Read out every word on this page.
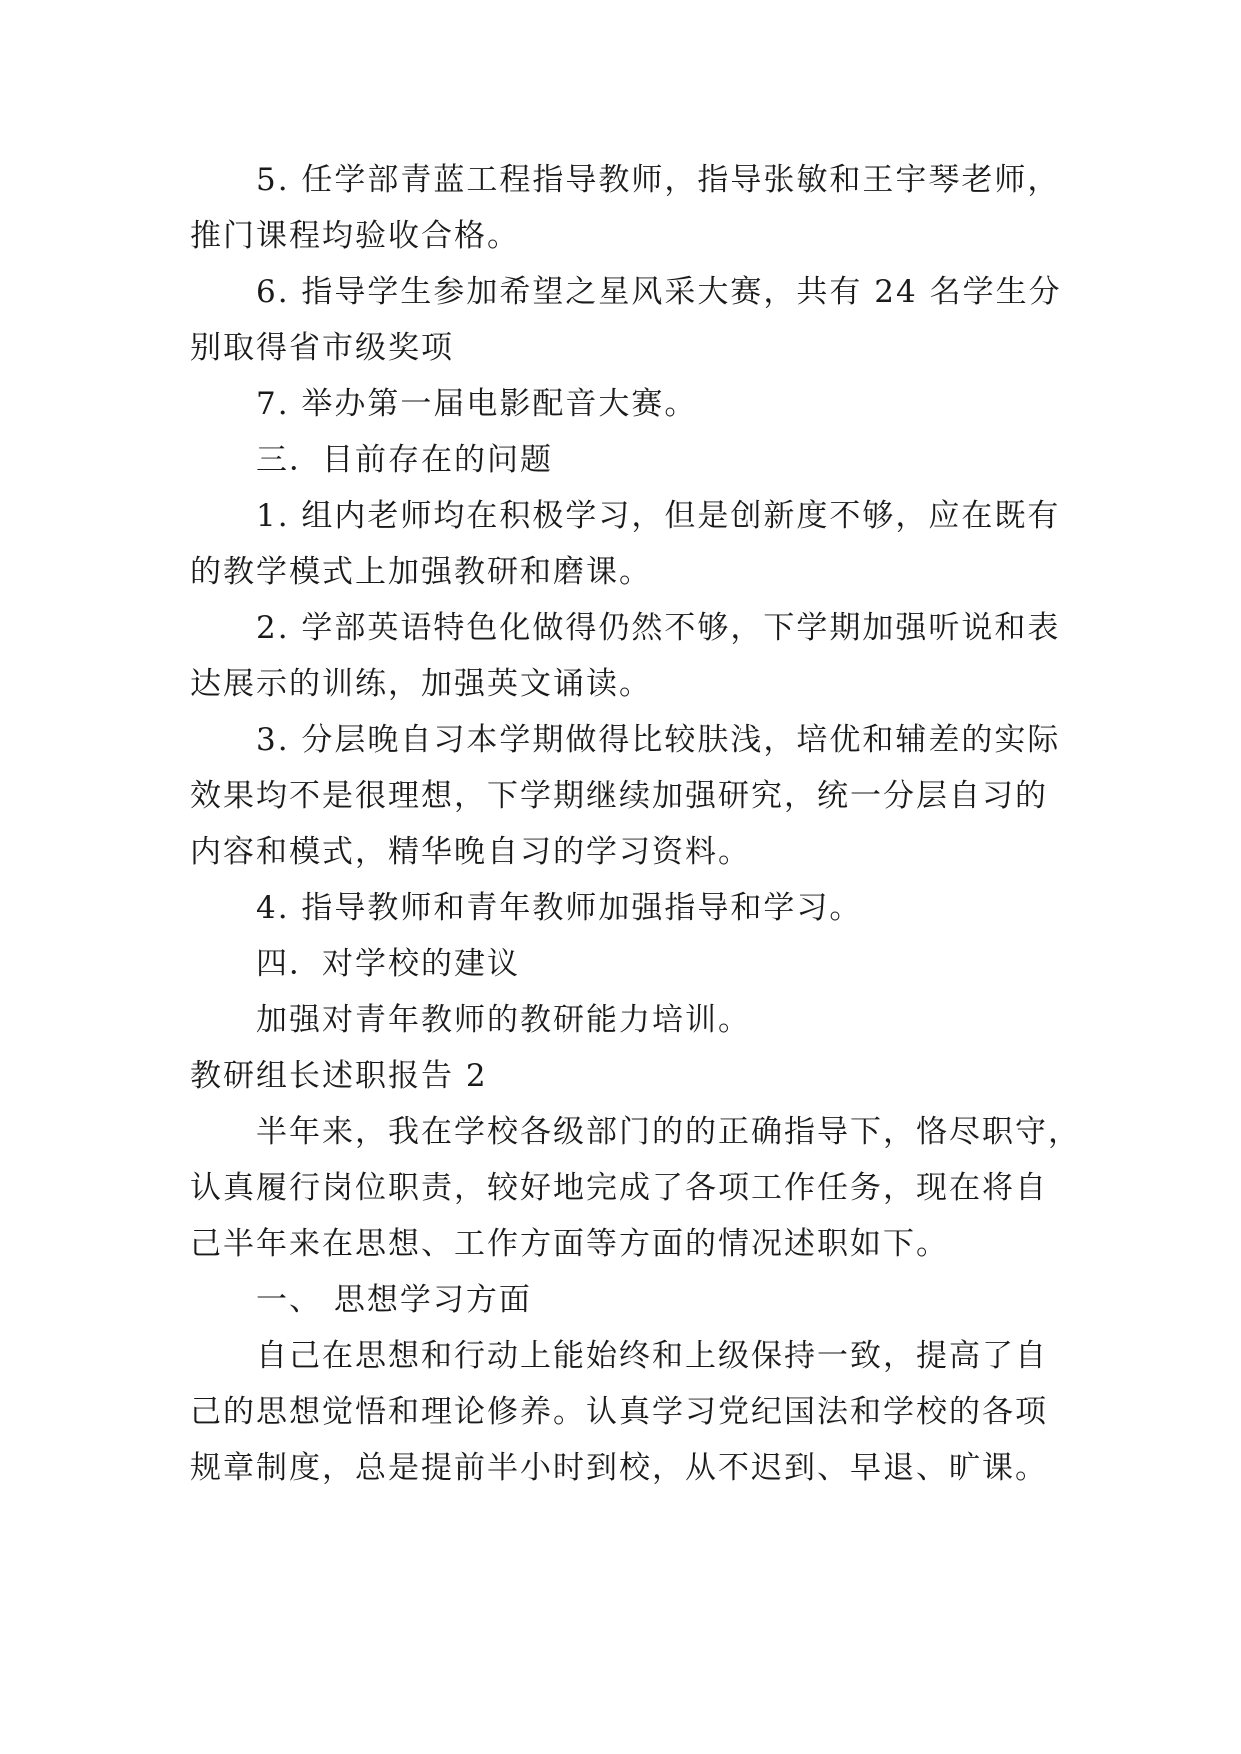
5. 任学部青蓝工程指导教师，指导张敏和王宇琴老师，
推门课程均验收合格。
6. 指导学生参加希望之星风采大赛，共有 24 名学生分
别取得省市级奖项
7. 举办第一届电影配音大赛。
三．目前存在的问题
1. 组内老师均在积极学习，但是创新度不够，应在既有
的教学模式上加强教研和磨课。
2. 学部英语特色化做得仍然不够，下学期加强听说和表
达展示的训练，加强英文诵读。
3. 分层晚自习本学期做得比较肤浅，培优和辅差的实际
效果均不是很理想，下学期继续加强研究，统一分层自习的
内容和模式，精华晚自习的学习资料。
4. 指导教师和青年教师加强指导和学习。
四．对学校的建议
加强对青年教师的教研能力培训。
教研组长述职报告 2
半年来，我在学校各级部门的的正确指导下，恪尽职守，
认真履行岗位职责，较好地完成了各项工作任务，现在将自
己半年来在思想、工作方面等方面的情况述职如下。
一、 思想学习方面
自己在思想和行动上能始终和上级保持一致，提高了自
己的思想觉悟和理论修养。认真学习党纪国法和学校的各项
规章制度，总是提前半小时到校，从不迟到、早退、旷课。
